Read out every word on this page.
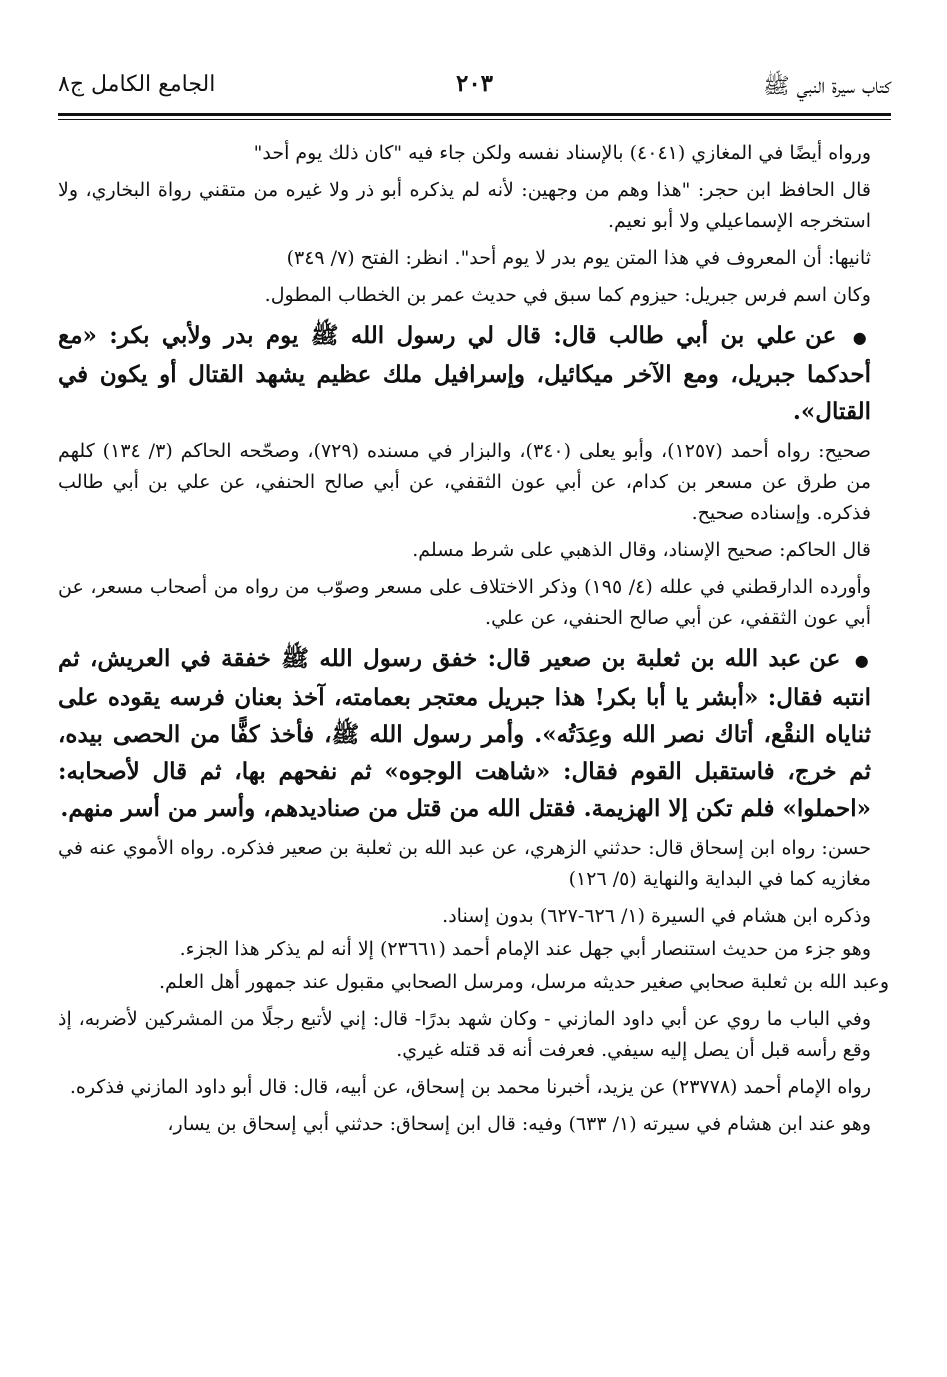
كتاب سيرة النبي ﷺ
٢٠٣
الجامع الكامل ج٨

ورواه أيضًا في المغازي (٤٠٤١) بالإسناد نفسه ولكن جاء فيه "كان ذلك يوم أحد"

قال الحافظ ابن حجر: "هذا وهم من وجهين: لأنه لم يذكره أبو ذر ولا غيره من متقني رواة البخاري، ولا استخرجه الإسماعيلي ولا أبو نعيم.

ثانيها: أن المعروف في هذا المتن يوم بدر لا يوم أحد". انظر: الفتح (٧/ ٣٤٩)

وكان اسم فرس جبريل: حيزوم كما سبق في حديث عمر بن الخطاب المطول.

● عن علي بن أبي طالب قال: قال لي رسول الله ﷺ يوم بدر ولأبي بكر: «مع أحدكما جبريل، ومع الآخر ميكائيل، وإسرافيل ملك عظيم يشهد القتال أو يكون في القتال».

صحيح: رواه أحمد (١٢٥٧)، وأبو يعلى (٣٤٠)، والبزار في مسنده (٧٢٩)، وصحّحه الحاكم (٣/ ١٣٤) كلهم من طرق عن مسعر بن كدام، عن أبي عون الثقفي، عن أبي صالح الحنفي، عن علي بن أبي طالب فذكره. وإسناده صحيح.

قال الحاكم: صحيح الإسناد، وقال الذهبي على شرط مسلم.

وأورده الدارقطني في علله (٤/ ١٩٥) وذكر الاختلاف على مسعر وصوّب من رواه من أصحاب مسعر، عن أبي عون الثقفي، عن أبي صالح الحنفي، عن علي.

● عن عبد الله بن ثعلبة بن صعير قال: خفق رسول الله ﷺ خفقة في العريش، ثم انتبه فقال: «أبشر يا أبا بكر! هذا جبريل معتجر بعمامته، آخذ بعنان فرسه يقوده على ثناياه النقْع، أتاك نصر الله وعِدَتُه». وأمر رسول الله ﷺ، فأخذ كفًّا من الحصى بيده، ثم خرج، فاستقبل القوم فقال: «شاهت الوجوه» ثم نفحهم بها، ثم قال لأصحابه: «احملوا» فلم تكن إلا الهزيمة. فقتل الله من قتل من صناديدهم، وأسر من أسر منهم.

حسن: رواه ابن إسحاق قال: حدثني الزهري، عن عبد الله بن ثعلبة بن صعير فذكره. رواه الأموي عنه في مغازيه كما في البداية والنهاية (٥/ ١٢٦)

وذكره ابن هشام في السيرة (١/ ٦٢٦-٦٢٧) بدون إسناد.

وهو جزء من حديث استنصار أبي جهل عند الإمام أحمد (٢٣٦٦١) إلا أنه لم يذكر هذا الجزء.

وعبد الله بن ثعلبة صحابي صغير حديثه مرسل، ومرسل الصحابي مقبول عند جمهور أهل العلم.

وفي الباب ما روي عن أبي داود المازني - وكان شهد بدرًا- قال: إني لأتبع رجلًا من المشركين لأضربه، إذ وقع رأسه قبل أن يصل إليه سيفي. فعرفت أنه قد قتله غيري.

رواه الإمام أحمد (٢٣٧٧٨) عن يزيد، أخبرنا محمد بن إسحاق، عن أبيه، قال: قال أبو داود المازني فذكره.

وهو عند ابن هشام في سيرته (١/ ٦٣٣) وفيه: قال ابن إسحاق: حدثني أبي إسحاق بن يسار،
